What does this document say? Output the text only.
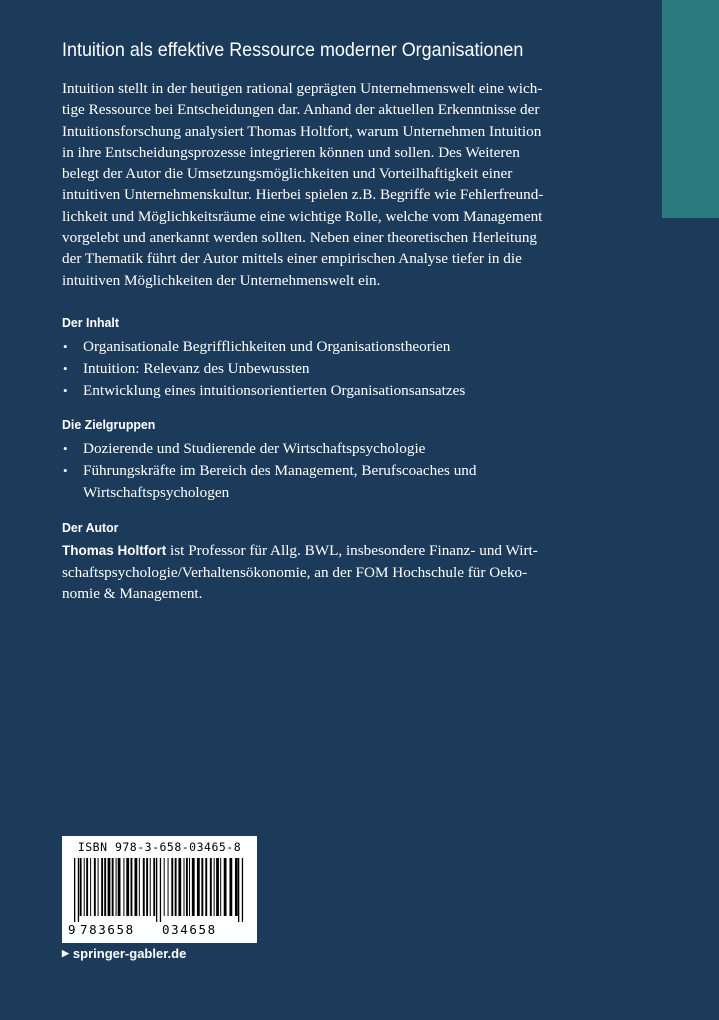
Intuition als effektive Ressource moderner Organisationen
Intuition stellt in der heutigen rational geprägten Unternehmenswelt eine wich-
tige Ressource bei Entscheidungen dar. Anhand der aktuellen Erkenntnisse der
Intuitionsforschung analysiert Thomas Holtfort, warum Unternehmen Intuition
in ihre Entscheidungsprozesse integrieren können und sollen. Des Weiteren
belegt der Autor die Umsetzungsmöglichkeiten und Vorteilhaftigkeit einer
intuitiven Unternehmenskultur. Hierbei spielen z.B. Begriffe wie Fehlerfreund-
lichkeit und Möglichkeitsräume eine wichtige Rolle, welche vom Management
vorgelebt und anerkannt werden sollten. Neben einer theoretischen Herleitung
der Thematik führt der Autor mittels einer empirischen Analyse tiefer in die
intuitiven Möglichkeiten der Unternehmenswelt ein.
Der Inhalt
• Organisationale Begrifflichkeiten und Organisationstheorien
• Intuition: Relevanz des Unbewussten
• Entwicklung eines intuitionsorientierten Organisationsansatzes
Die Zielgruppen
• Dozierende und Studierende der Wirtschaftspsychologie
• Führungskräfte im Bereich des Management, Berufscoaches und Wirtschaftspsychologen
Der Autor
Thomas Holtfort ist Professor für Allg. BWL, insbesondere Finanz- und Wirt-
schaftspsychologie/Verhaltensökonomie, an der FOM Hochschule für Oeko-
nomie & Management.
ISBN 978-3-658-03465-8
9 783658 034658
▶ springer-gabler.de
